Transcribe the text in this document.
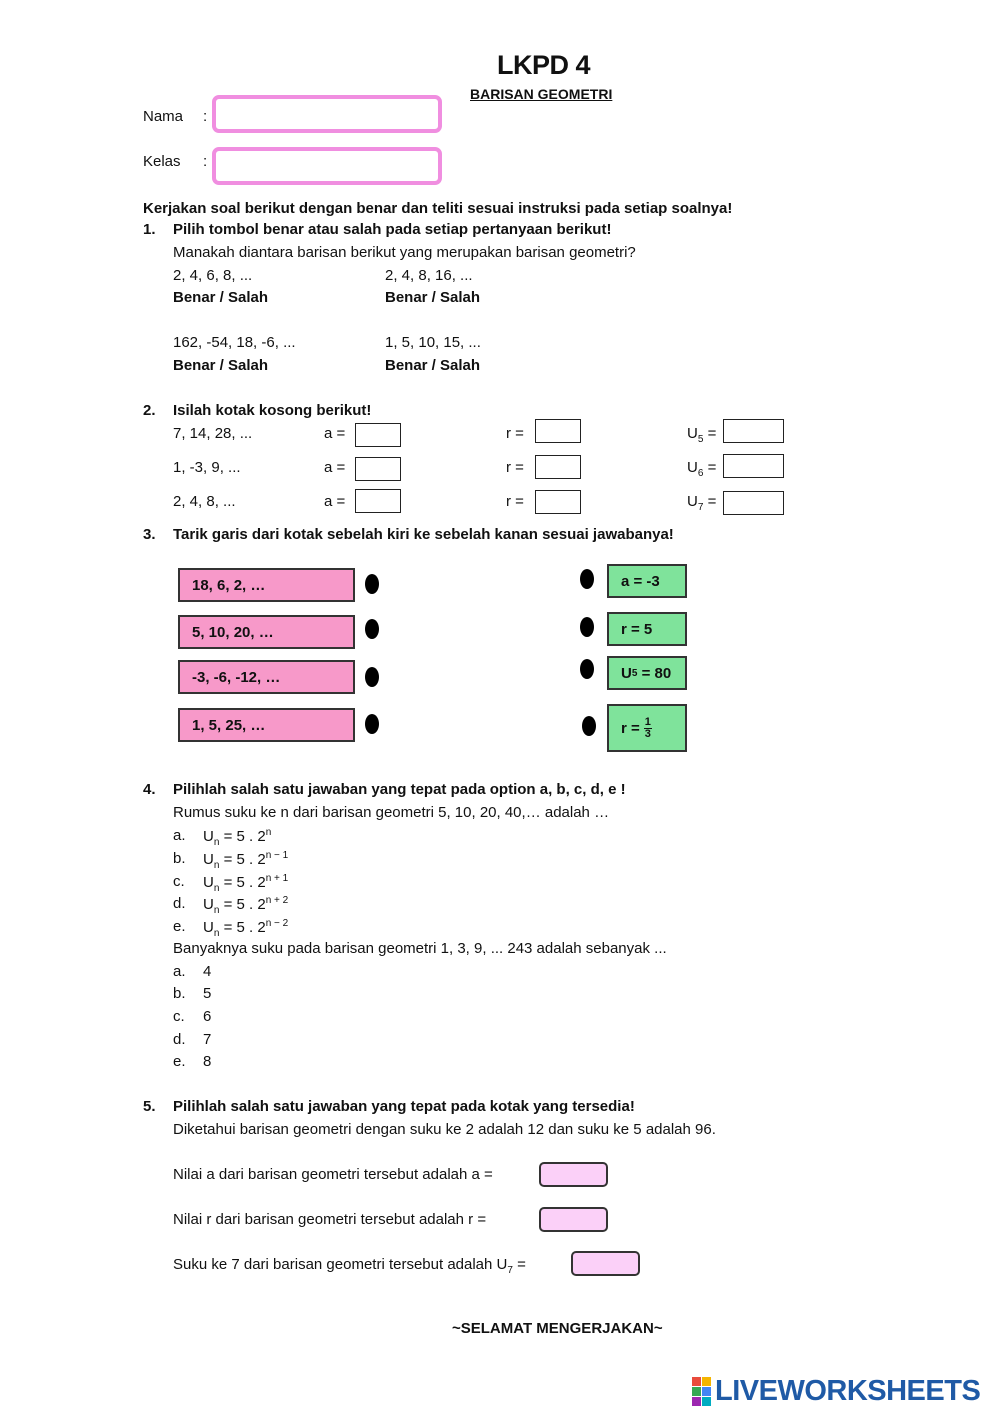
LKPD 4
BARISAN GEOMETRI
Nama :
Kelas :
Kerjakan soal berikut dengan benar dan teliti sesuai instruksi pada setiap soalnya!
1. Pilih tombol benar atau salah pada setiap pertanyaan berikut!
Manakah diantara barisan berikut yang merupakan barisan geometri?
2, 4, 6, 8, ...
Benar / Salah
2, 4, 8, 16, ...
Benar / Salah
162, -54, 18, -6, ...
Benar / Salah
1, 5, 10, 15, ...
Benar / Salah
2. Isilah kotak kosong berikut!
7, 14, 28, ...	a =	r =	$U_5$ =
1, -3, 9, ...	a =	r =	$U_6$ =
2, 4, 8, ...	a =	r =	$U_7$ =
3. Tarik garis dari kotak sebelah kiri ke sebelah kanan sesuai jawabanya!
18, 6, 2, …
5, 10, 20, …
-3, -6, -12, …
1, 5, 25, …
a = -3
r = 5
U 5 = 80
$r = \frac{1}{3}$
4. Pilihlah salah satu jawaban yang tepat pada option a, b, c, d, e !
Rumus suku ke n dari barisan geometri 5, 10, 20, 40,… adalah …
a. $U_n = 5$ . 2$^n$
b. $U_n = 5$ . $2^{n - 1}$
c. $U_n = 5$ . $2^{n + 1}$
d. $U_n = 5$ . $2^{n + 2}$
e. $U_n = 5$ . $2^{n - 2}$
Banyaknya suku pada barisan geometri 1, 3, 9, ... 243 adalah sebanyak ...
a. 4
b. 5
c. 6
d. 7
e. 8
5. Pilihlah salah satu jawaban yang tepat pada kotak yang tersedia!
Diketahui barisan geometri dengan suku ke 2 adalah 12 dan suku ke 5 adalah 96.
Nilai a dari barisan geometri tersebut adalah a =
Nilai r dari barisan geometri tersebut adalah r =
Suku ke 7 dari barisan geometri tersebut adalah $U_7$ =
~SELAMAT MENGERJAKAN~
LIVEWORKSHEETS
